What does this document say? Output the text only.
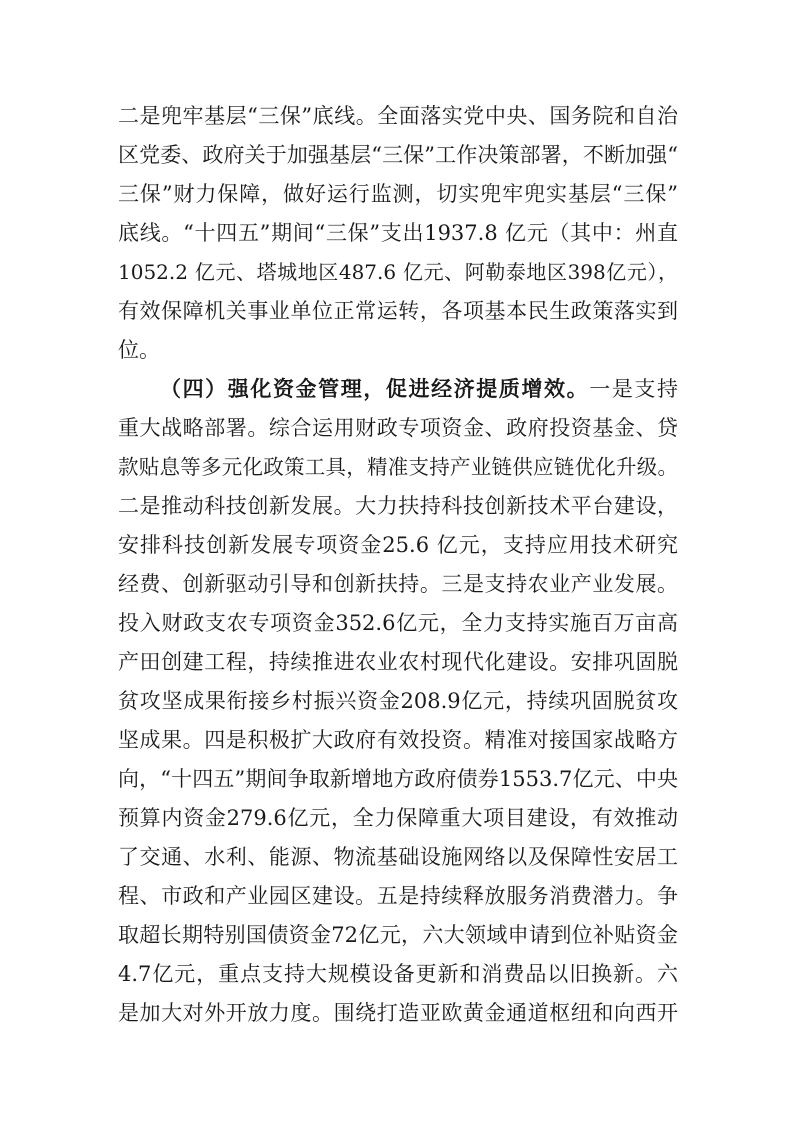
二是兜牢基层“三保”底线。全面落实党中央、国务院和自治
区党委、政府关于加强基层“三保”工作决策部署，不断加强“
三保”财力保障，做好运行监测，切实兜牢兜实基层“三保”
底线。“十四五”期间“三保”支出1937.8 亿元（其中：州直
1052.2 亿元、塔城地区487.6 亿元、阿勒泰地区398亿元），
有效保障机关事业单位正常运转，各项基本民生政策落实到
位。
（四）强化资金管理，促进经济提质增效。一是支持
重大战略部署。综合运用财政专项资金、政府投资基金、贷
款贴息等多元化政策工具，精准支持产业链供应链优化升级。
二是推动科技创新发展。大力扶持科技创新技术平台建设，
安排科技创新发展专项资金25.6 亿元，支持应用技术研究
经费、创新驱动引导和创新扶持。三是支持农业产业发展。
投入财政支农专项资金352.6亿元，全力支持实施百万亩高
产田创建工程，持续推进农业农村现代化建设。安排巩固脱
贫攻坚成果衔接乡村振兴资金208.9亿元，持续巩固脱贫攻
坚成果。四是积极扩大政府有效投资。精准对接国家战略方
向，“十四五”期间争取新增地方政府债券1553.7亿元、中央
预算内资金279.6亿元，全力保障重大项目建设，有效推动
了交通、水利、能源、物流基础设施网络以及保障性安居工
程、市政和产业园区建设。五是持续释放服务消费潜力。争
取超长期特别国债资金72亿元，六大领域申请到位补贴资金
4.7亿元，重点支持大规模设备更新和消费品以旧换新。六
是加大对外开放力度。围绕打造亚欧黄金通道枢纽和向西开
